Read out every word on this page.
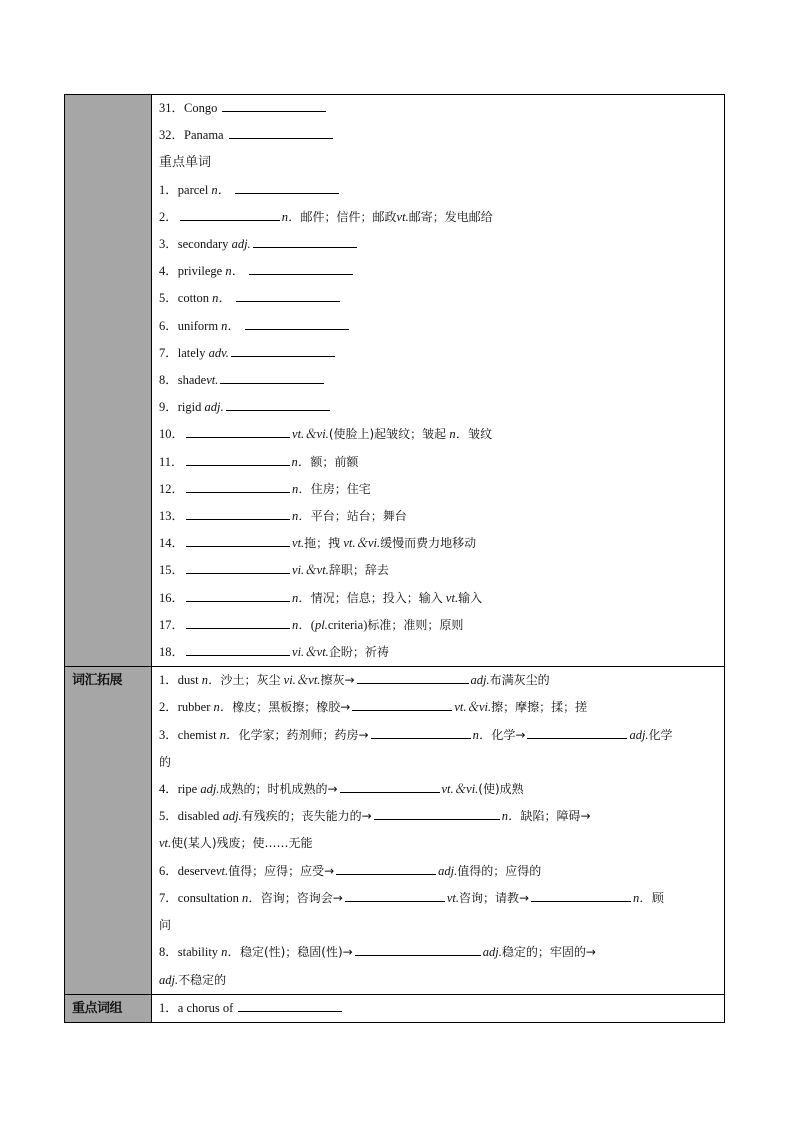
31．Congo
32．Panama
重点单词
1．parcel n．
2．	n．邮件；信件；邮政vt.邮寄；发电邮给
3．secondary adj.
4．privilege n．
5．cotton n．
6．uniform n．
7．lately adv.
8．shadevt.
9．rigid adj.
10．	vt.＆vi.(使脸上)起皱纹；皱起 n．皱纹
11．	n．额；前额
12．	n．住房；住宅
13．	n．平台；站台；舞台
14．	vt.拖；拽 vt.＆vi.缓慢而费力地移动
15．	vi.＆vt.辞职；辞去
16．	n．情况；信息；投入；输入 vt.输入
17．	n．(pl.criteria)标准；准则；原则
18．	vi.＆vt.企盼；祈祷
词汇拓展	1．dust n．沙土；灰尘 vi.＆vt.擦灰→	adj.布满灰尘的
2．rubber n．橡皮；黑板擦；橡胶→	vt.＆vi.擦；摩擦；揉；搓
3．chemist n．化学家；药剂师；药房→	n．化学→	adj.化学
的
4．ripe adj.成熟的；时机成熟的→	vt.＆vi.(使)成熟
5．disabled adj.有残疾的；丧失能力的→	n．缺陷；障碍→
vt.使(某人)残废；使……无能
6．deservevt.值得；应得；应受→	adj.值得的；应得的
7．consultation n．咨询；咨询会→	vt.咨询；请教→	n．顾
问
8．stability n．稳定(性)；稳固(性)→	adj.稳定的；牢固的→
adj.不稳定的
重点词组	1．a chorus of
